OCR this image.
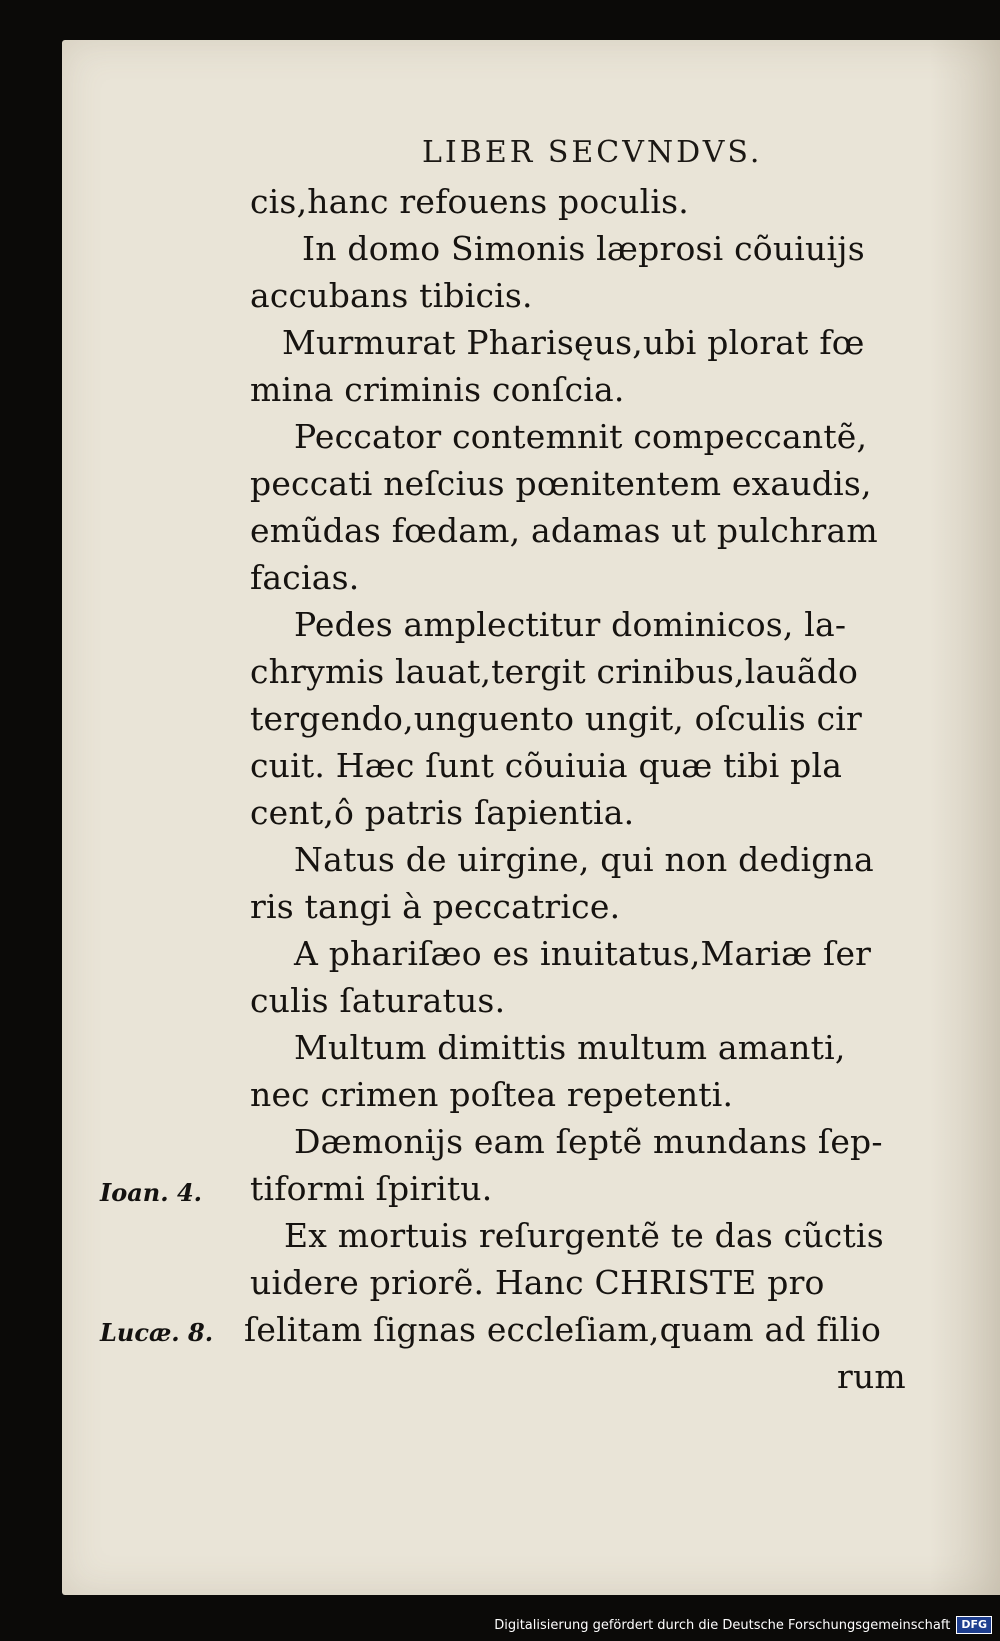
LIBER SECVNDVS.
cis,hanc refouens poculis.
In domo Simonis læprosi cõuiuijs
accubans tibicis.
Murmurat Pharisęus,ubi plorat fœ
mina criminis conſcia.
Peccator contemnit compeccantẽ,
peccati neſcius pœnitentem exaudis,
emũdas fœdam, adamas ut pulchram
facias.
Pedes amplectitur dominicos, la-
chrymis lauat,tergit crinibus,lauãdo
tergendo,unguento ungit, oſculis cir
cuit. Hæc ſunt cõuiuia quæ tibi pla
cent,ô patris ſapientia.
Natus de uirgine, qui non dedigna
ris tangi à peccatrice.
A phariſæo es inuitatus,Mariæ ſer
culis ſaturatus.
Multum dimittis multum amanti,
nec crimen poſtea repetenti.
Dæmonijs eam ſeptẽ mundans ſep-
tiformi ſpiritu.
Ex mortuis reſurgentẽ te das cũctis
uidere priorẽ. Hanc CHRISTE pro
ſelitam ſignas eccleſiam,quam ad filio
rum
Ioan. 4.
Lucæ. 8.
Digitalisierung gefördert durch die Deutsche Forschungsgemeinschaft	DFG
